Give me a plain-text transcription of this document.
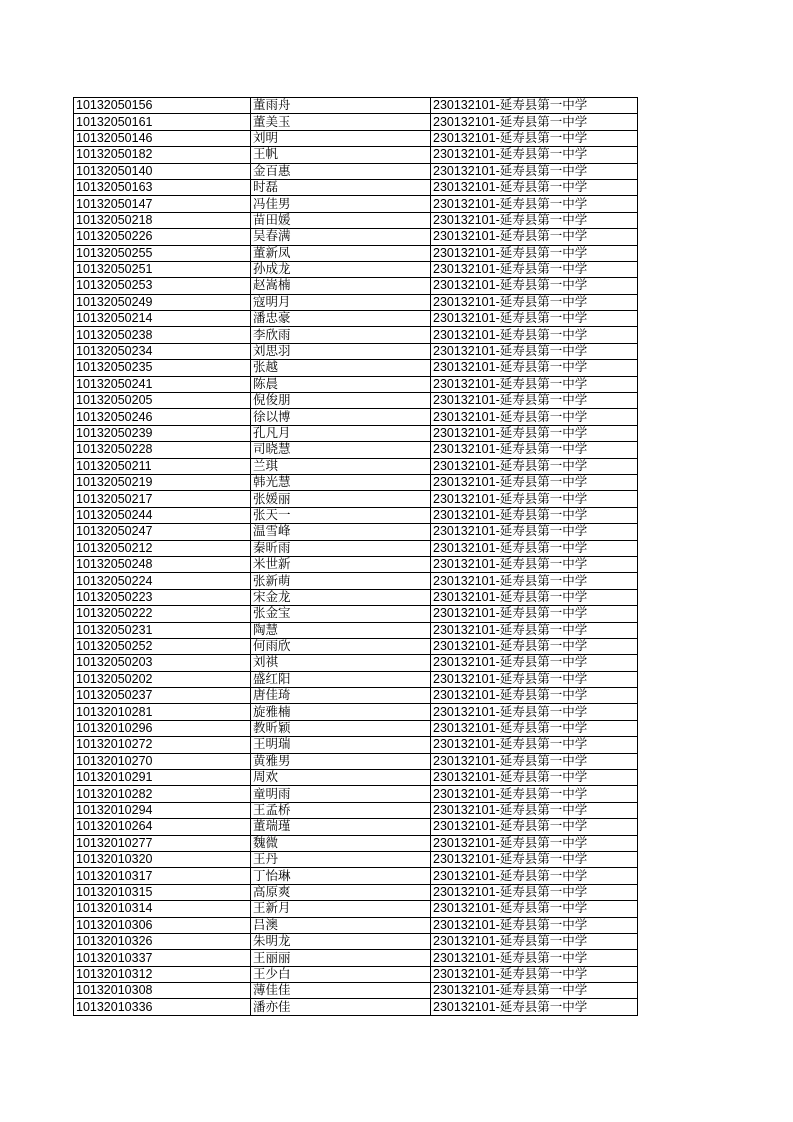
10132050156	董雨舟	230132101-延寿县第一中学
10132050161	董美玉	230132101-延寿县第一中学
10132050146	刘明	230132101-延寿县第一中学
10132050182	王帆	230132101-延寿县第一中学
10132050140	金百惠	230132101-延寿县第一中学
10132050163	时磊	230132101-延寿县第一中学
10132050147	冯佳男	230132101-延寿县第一中学
10132050218	苗田媛	230132101-延寿县第一中学
10132050226	吴春满	230132101-延寿县第一中学
10132050255	董新凤	230132101-延寿县第一中学
10132050251	孙成龙	230132101-延寿县第一中学
10132050253	赵嵩楠	230132101-延寿县第一中学
10132050249	寇明月	230132101-延寿县第一中学
10132050214	潘忠豪	230132101-延寿县第一中学
10132050238	李欣雨	230132101-延寿县第一中学
10132050234	刘思羽	230132101-延寿县第一中学
10132050235	张越	230132101-延寿县第一中学
10132050241	陈晨	230132101-延寿县第一中学
10132050205	倪俊朋	230132101-延寿县第一中学
10132050246	徐以博	230132101-延寿县第一中学
10132050239	孔凡月	230132101-延寿县第一中学
10132050228	司晓慧	230132101-延寿县第一中学
10132050211	兰琪	230132101-延寿县第一中学
10132050219	韩光慧	230132101-延寿县第一中学
10132050217	张媛丽	230132101-延寿县第一中学
10132050244	张天一	230132101-延寿县第一中学
10132050247	温雪峰	230132101-延寿县第一中学
10132050212	秦昕雨	230132101-延寿县第一中学
10132050248	米世新	230132101-延寿县第一中学
10132050224	张新萌	230132101-延寿县第一中学
10132050223	宋金龙	230132101-延寿县第一中学
10132050222	张金宝	230132101-延寿县第一中学
10132050231	陶慧	230132101-延寿县第一中学
10132050252	何雨欣	230132101-延寿县第一中学
10132050203	刘祺	230132101-延寿县第一中学
10132050202	盛红阳	230132101-延寿县第一中学
10132050237	唐佳琦	230132101-延寿县第一中学
10132010281	旋雅楠	230132101-延寿县第一中学
10132010296	教昕颖	230132101-延寿县第一中学
10132010272	王明瑞	230132101-延寿县第一中学
10132010270	黄雅男	230132101-延寿县第一中学
10132010291	周欢	230132101-延寿县第一中学
10132010282	童明雨	230132101-延寿县第一中学
10132010294	王孟桥	230132101-延寿县第一中学
10132010264	董瑞瑾	230132101-延寿县第一中学
10132010277	魏微	230132101-延寿县第一中学
10132010320	王丹	230132101-延寿县第一中学
10132010317	丁怡琳	230132101-延寿县第一中学
10132010315	高原爽	230132101-延寿县第一中学
10132010314	王新月	230132101-延寿县第一中学
10132010306	吕澳	230132101-延寿县第一中学
10132010326	朱明龙	230132101-延寿县第一中学
10132010337	王丽丽	230132101-延寿县第一中学
10132010312	王少白	230132101-延寿县第一中学
10132010308	薄佳佳	230132101-延寿县第一中学
10132010336	潘亦佳	230132101-延寿县第一中学
